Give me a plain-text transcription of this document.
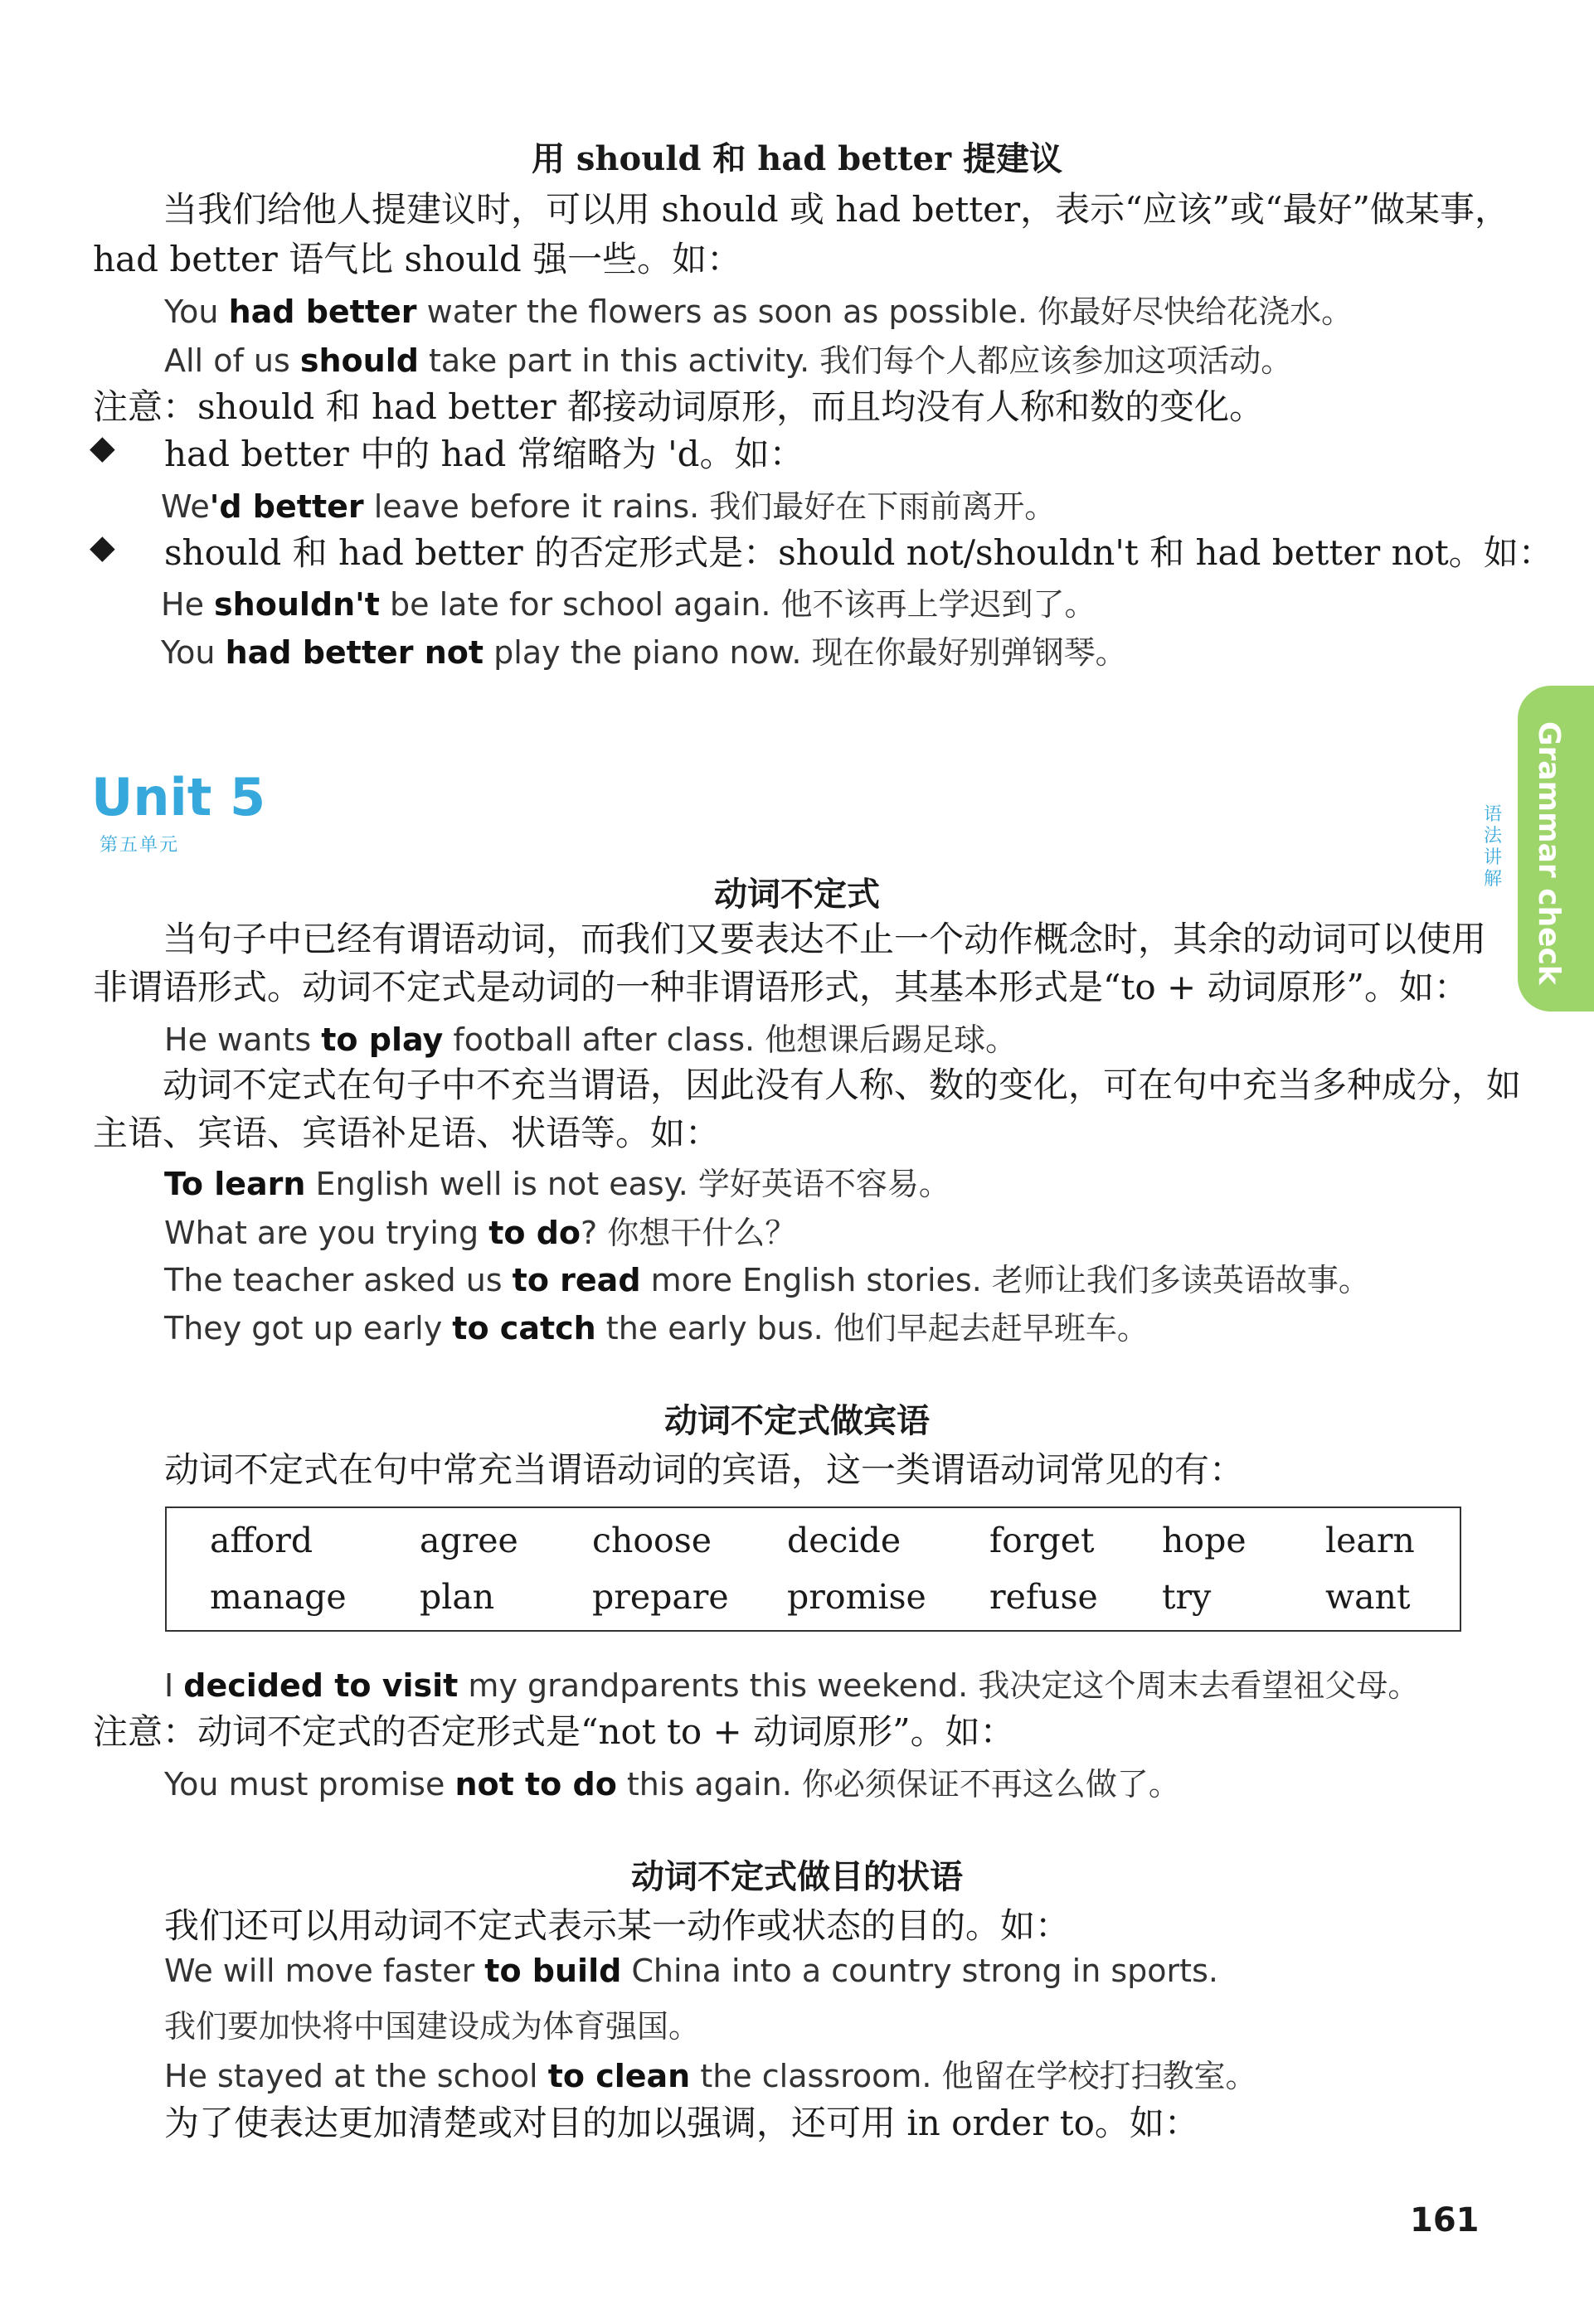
用 should 和 had better 提建议
当我们给他人提建议时，可以用 should 或 had better，表示“应该”或“最好”做某事，
had better 语气比 should 强一些。如：
You had better water the flowers as soon as possible. 你最好尽快给花浇水。
All of us should take part in this activity. 我们每个人都应该参加这项活动。
注意：should 和 had better 都接动词原形，而且均没有人称和数的变化。
◆ had better 中的 had 常缩略为 'd。如：
We'd better leave before it rains. 我们最好在下雨前离开。
◆ should 和 had better 的否定形式是：should not/shouldn't 和 had better not。如：
He shouldn't be late for school again. 他不该再上学迟到了。
You had better not play the piano now. 现在你最好别弹钢琴。
Grammar check
语法讲解
Unit 5
第五单元
动词不定式
当句子中已经有谓语动词，而我们又要表达不止一个动作概念时，其余的动词可以使用
非谓语形式。动词不定式是动词的一种非谓语形式，其基本形式是“to + 动词原形”。如：
He wants to play football after class. 他想课后踢足球。
动词不定式在句子中不充当谓语，因此没有人称、数的变化，可在句中充当多种成分，如
主语、宾语、宾语补足语、状语等。如：
To learn English well is not easy. 学好英语不容易。
What are you trying to do? 你想干什么？
The teacher asked us to read more English stories. 老师让我们多读英语故事。
They got up early to catch the early bus. 他们早起去赶早班车。
动词不定式做宾语
动词不定式在句中常充当谓语动词的宾语，这一类谓语动词常见的有：
afford	agree choose decide	forget hope learn
manage plan	prepare promise refuse try	want
I decided to visit my grandparents this weekend. 我决定这个周末去看望祖父母。
注意：动词不定式的否定形式是“not to + 动词原形”。如：
You must promise not to do this again. 你必须保证不再这么做了。
动词不定式做目的状语
我们还可以用动词不定式表示某一动作或状态的目的。如：
We will move faster to build China into a country strong in sports.
我们要加快将中国建设成为体育强国。
He stayed at the school to clean the classroom. 他留在学校打扫教室。
为了使表达更加清楚或对目的加以强调，还可用 in order to。如：
161
